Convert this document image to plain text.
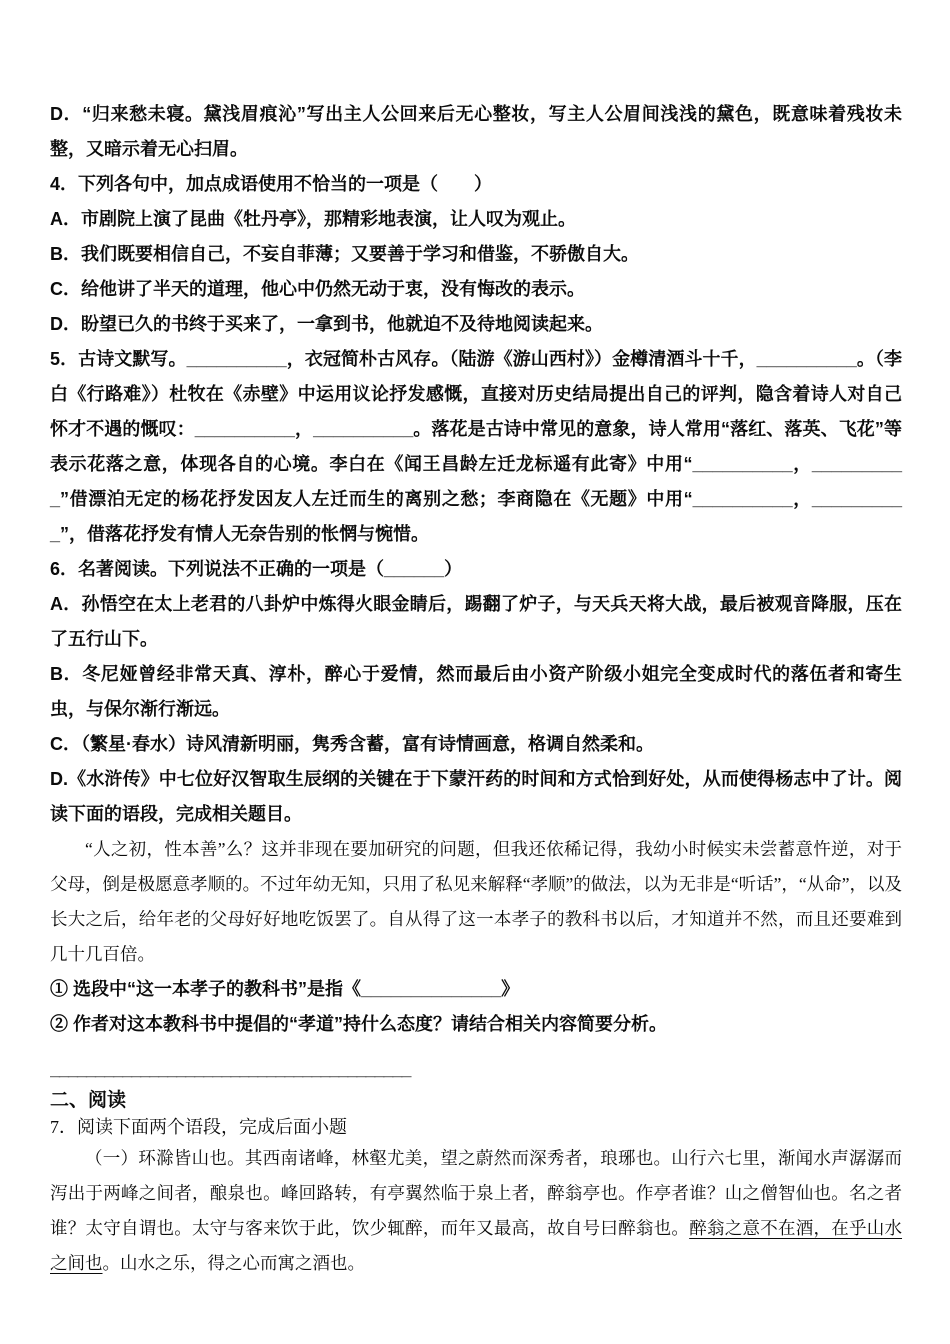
D．“归来愁未寝。黛浅眉痕沁”写出主人公回来后无心整妆，写主人公眉间浅浅的黛色，既意味着残妆未整，又暗示着无心扫眉。

4．下列各句中，加点成语使用不恰当的一项是（　　）

A．市剧院上演了昆曲《牡丹亭》，那精彩地表演，让人叹为观止。

B．我们既要相信自己，不妄自菲薄；又要善于学习和借鉴，不骄傲自大。

C．给他讲了半天的道理，他心中仍然无动于衷，没有悔改的表示。

D．盼望已久的书终于买来了，一拿到书，他就迫不及待地阅读起来。

5．古诗文默写。__________，衣冠简朴古风存。（陆游《游山西村》）金樽清酒斗十千，__________。（李白《行路难》）杜牧在《赤壁》中运用议论抒发感慨，直接对历史结局提出自己的评判，隐含着诗人对自己怀才不遇的慨叹：__________，__________。落花是古诗中常见的意象，诗人常用“落红、落英、飞花”等表示花落之意，体现各自的心境。李白在《闻王昌龄左迁龙标遥有此寄》中用“__________，__________”借漂泊无定的杨花抒发因友人左迁而生的离别之愁；李商隐在《无题》中用“__________，__________”，借落花抒发有情人无奈告别的怅惘与惋惜。

6．名著阅读。下列说法不正确的一项是（______）

A．孙悟空在太上老君的八卦炉中炼得火眼金睛后，踢翻了炉子，与天兵天将大战，最后被观音降服，压在了五行山下。

B．冬尼娅曾经非常天真、淳朴，醉心于爱情，然而最后由小资产阶级小姐完全变成时代的落伍者和寄生虫，与保尔渐行渐远。

C．（繁星·春水）诗风清新明丽，隽秀含蓄，富有诗情画意，格调自然柔和。

D.《水浒传》中七位好汉智取生辰纲的关键在于下蒙汗药的时间和方式恰到好处，从而使得杨志中了计。阅读下面的语段，完成相关题目。

“人之初，性本善”么？这并非现在要加研究的问题，但我还依稀记得，我幼小时候实未尝蓄意忤逆，对于父母，倒是极愿意孝顺的。不过年幼无知，只用了私见来解释“孝顺”的做法，以为无非是“听话”，“从命”，以及长大之后，给年老的父母好好地吃饭罢了。自从得了这一本孝子的教科书以后，才知道并不然，而且还要难到几十几百倍。

① 选段中“这一本孝子的教科书”是指《______________》

② 作者对这本教科书中提倡的“孝道”持什么态度？请结合相关内容简要分析。

________________________________________

二、阅读

7．阅读下面两个语段，完成后面小题

（一）环滁皆山也。其西南诸峰，林壑尤美，望之蔚然而深秀者，琅琊也。山行六七里，渐闻水声潺潺而泻出于两峰之间者，酿泉也。峰回路转，有亭翼然临于泉上者，醉翁亭也。作亭者谁？山之僧智仙也。名之者谁？太守自谓也。太守与客来饮于此，饮少辄醉，而年又最高，故自号曰醉翁也。醉翁之意不在酒，在乎山水之间也。山水之乐，得之心而寓之酒也。
